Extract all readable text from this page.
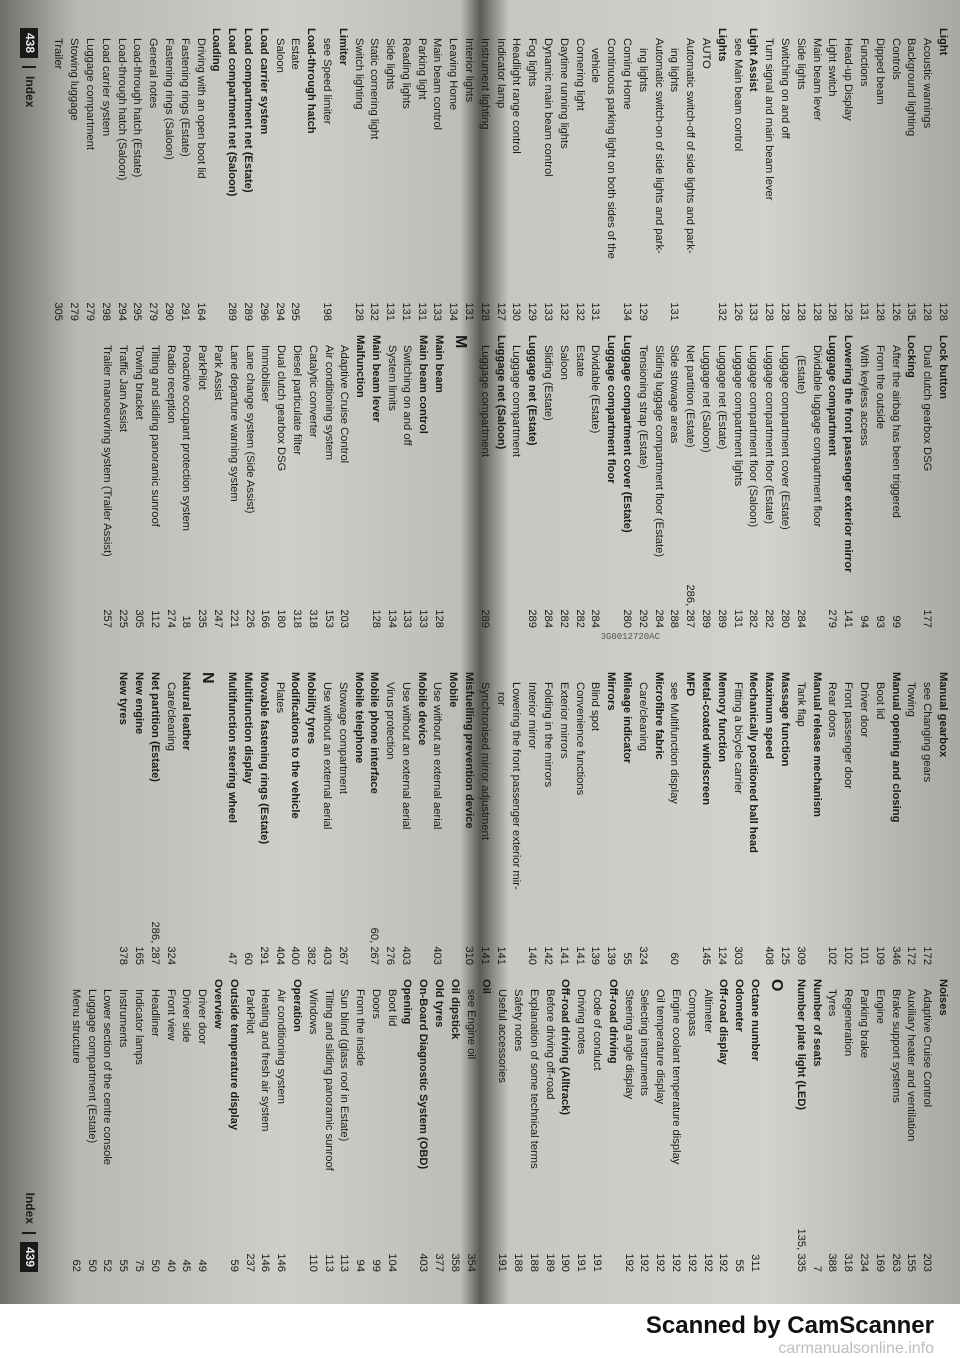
Light
128
Acoustic warnings
128
Background lighting
135
Controls
126
Dipped beam
128
Functions
131
Head-up Display
128
Light switch
128
Main beam lever
128
Side lights
128
Switching on and off
128
Turn signal and main beam lever
128
Light Assist
133
see Main beam control
126
Lights
132
AUTO
Automatic switch-off of side lights and park-
ing lights
131
Automatic switch-on of side lights and park-
ing lights
129
Coming Home
134
Continuous parking light on both sides of the
vehicle
131
Cornering light
132
Daytime running lights
132
Dynamic main beam control
133
Fog lights
129
Headlight range control
130
Indicator lamp
127
Instrument lighting
128
Interior lights
131
Leaving Home
134
Main beam control
133
Parking light
131
Reading lights
131
Side lights
131
Static cornering light
132
Switch lighting
128
Limiter
see Speed limiter
198
Load-through hatch
Estate
295
Saloon
294
Load carrier system
296
Load compartment net (Estate)
289
Load compartment net (Saloon)
289
Loading
Driving with an open boot lid
164
Fastening rings (Estate)
291
Fastening rings (Saloon)
290
General notes
279
Load-through hatch (Estate)
295
Load-through hatch (Saloon)
294
Load carrier system
298
Luggage compartment
279
Stowing luggage
279
Trailer
305
Lock button
Dual clutch gearbox DSG
177
Locking
After the airbag has been triggered
99
From the outside
93
With keyless access
94
Lowering the front passenger exterior mirror
141
Luggage compartment
279
Dividable luggage compartment floor
(Estate)
284
Luggage compartment cover (Estate)
280
Luggage compartment floor (Estate)
282
Luggage compartment floor (Saloon)
282
Luggage compartment lights
131
Luggage net (Estate)
289
Luggage net (Saloon)
289
Net partition (Estate)
286, 287
Side stowage areas
288
Sliding luggage compartment floor (Estate)
284
Tensioning strap (Estate)
292
Luggage compartment cover (Estate)
280
Luggage compartment floor
Dividable (Estate)
284
Estate
282
Saloon
282
Sliding (Estate)
284
Luggage net (Estate)
289
Luggage compartment
Luggage net (Saloon)
Luggage compartment
289
M
Main beam
128
Main beam control
133
Switching on and off
133
System limits
134
Main beam lever
128
Malfunction
Adaptive Cruise Control
203
Air conditioning system
153
Catalytic converter
318
Diesel particulate filter
318
Dual clutch gearbox DSG
180
Immobiliser
166
Lane change system (Side Assist)
226
Lane departure warning system
221
Park Assist
247
ParkPilot
235
Proactive occupant protection system
18
Radio reception
274
Tilting and sliding panoramic sunroof
112
Towing bracket
305
Traffic Jam Assist
225
Trailer manoeuvring system (Trailer Assist)
257
438
Index
3G0012720AC
Manual gearbox
see Changing gears
172
Towing
172
Manual opening and closing
346
Boot lid
109
Driver door
101
Front passenger door
102
Rear doors
102
Manual release mechanism
Tank flap
309
Massage function
125
Maximum speed
408
Mechanically positioned ball head
Fitting a bicycle carrier
303
Memory function
124
Metal-coated windscreen
145
MFD
see Multifunction display
60
Microfibre fabric
Care/cleaning
324
Mileage indicator
55
Mirrors
139
Blind spot
139
Convenience functions
141
Exterior mirrors
141
Folding in the mirrors
142
Interior mirror
140
Lowering the front passenger exterior mir-
ror
141
Synchronised mirror adjustment
141
Misfuelling prevention device
310
Mobile
Use without an external aerial
403
Mobile device
Use without an external aerial
403
Virus protection
276
Mobile phone interface
60, 267
Mobile telephone
Stowage compartment
267
Use without an external aerial
403
Mobility tyres
382
Modifications to the vehicle
400
Plates
404
Movable fastening rings (Estate)
291
Multifunction display
60
Multifunction steering wheel
47
N
Natural leather
Care/cleaning
324
Net partition (Estate)
286, 287
New engine
165
New tyres
378
Noises
Adaptive Cruise Control
203
Auxiliary heater and ventilation
155
Brake support systems
263
Engine
169
Parking brake
234
Regeneration
318
Tyres
388
Number of seats
7
Number plate light (LED)
135, 335
O
Octane number
311
Odometer
55
Off-road display
192
Altimeter
192
Compass
192
Engine coolant temperature display
192
Oil temperature display
192
Selecting instruments
192
Steering angle display
192
Off-road driving
Code of conduct
191
Driving notes
191
Off-road driving (Alltrack)
190
Before driving off-road
189
Explanation of some technical terms
188
Safety notes
188
Useful accessories
191
Oil
see Engine oil
354
Oil dipstick
358
Old tyres
377
On-Board Diagnostic System (OBD)
403
Opening
Boot lid
104
Doors
99
From the inside
94
Sun blind (glass roof in Estate)
113
Tilting and sliding panoramic sunroof
113
Windows
110
Operation
Air conditioning system
146
Heating and fresh air system
146
ParkPilot
237
Outside temperature display
59
Overview
Driver door
49
Driver side
45
Front view
40
Headliner
50
Indicator lamps
75
Instruments
55
Lower section of the centre console
52
Luggage compartment (Estate)
50
Menu structure
62
Index
439
Scanned by CamScanner
carmanualsonline.info
